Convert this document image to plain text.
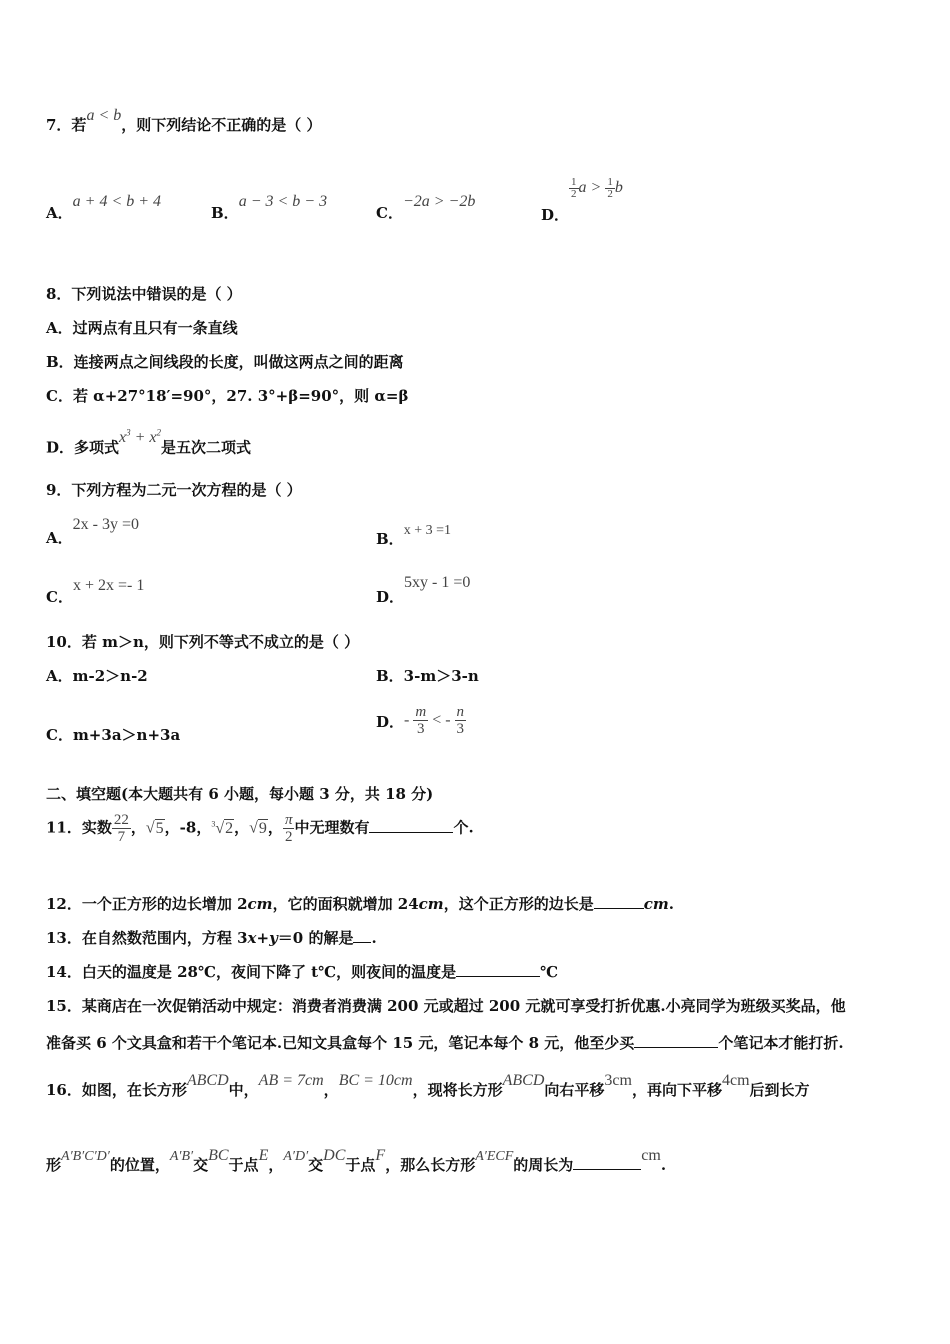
7．若a < b，则下列结论不正确的是（ ）
A．a + 4 < b + 4
B．a − 3 < b − 3
C．−2a > −2b
D．
$\frac{1}{2}$ $a > \frac{1}{2}$ b
8．下列说法中错误的是（ ）
A．过两点有且只有一条直线
B．连接两点之间线段的长度，叫做这两点之间的距离
C．若 α+27°18′=90°，27. 3°+β=90°，则 α=β
D．多项式$x^3 + x^2$是五次二项式
9．下列方程为二元一次方程的是（ ）
A．2x - 3y =0
B．x + 3 =1
C．x + 2x =- 1
D．5xy - 1 =0
10．若 m＞n，则下列不等式不成立的是（ ）
A．m-2＞n-2	B．3-m＞3-n
C．m+3a＞n+3a
D．- $\frac{m}{3}$ < - $\frac{n}{3}$
二、填空题(本大题共有 6 小题，每小题 3 分，共 18 分)
11．实数 $\frac{22}{7}$ ，√5，-8，$^3$√2，√9， $\frac{\pi}{2}$ 中无理数有	个.
12．一个正方形的边长增加 2cm，它的面积就增加 24cm，这个正方形的边长是	cm.
13．在自然数范围内，方程 3x+y＝0 的解是 .
14．白天的温度是 28℃，夜间下降了 t℃，则夜间的温度是	℃
15．某商店在一次促销活动中规定：消费者消费满 200 元或超过 200 元就可享受打折优惠.小亮同学为班级买奖品，他
准备买 6 个文具盒和若干个笔记本.已知文具盒每个 15 元，笔记本每个 8 元，他至少买	个笔记本才能打折.
16．如图，在长方形ABCD中，AB = 7cm，BC = 10cm，现将长方形ABCD向右平移3cm，再向下平移4cm后到长方
形A′B′C′D′的位置，A′B′交BC于点E，A′D′交DC于点F，那么长方形A′ECF的周长为cm.
